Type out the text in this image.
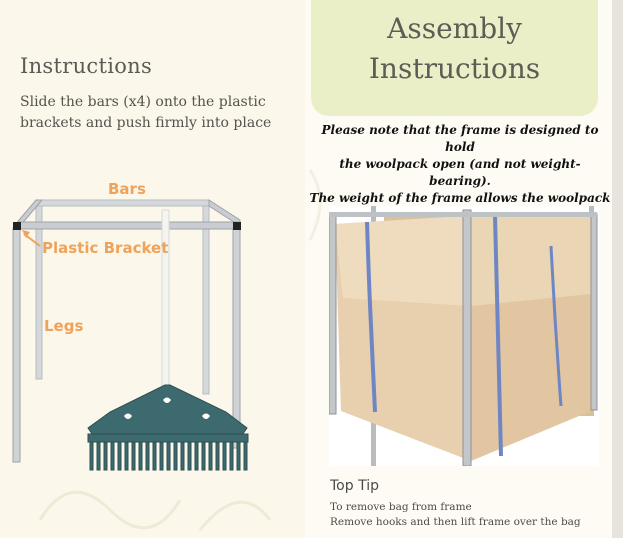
Instructions
Slide the bars (x4) onto the plastic brackets and push firmly into place
Bars
Plastic Bracket
Legs
Assembly
Instructions
Please note that the frame is designed to hold
the woolpack open (and not weight-bearing).
The weight of the frame allows the woolpack
Top Tip
To remove bag from frame
Remove hooks and then lift frame over the bag
